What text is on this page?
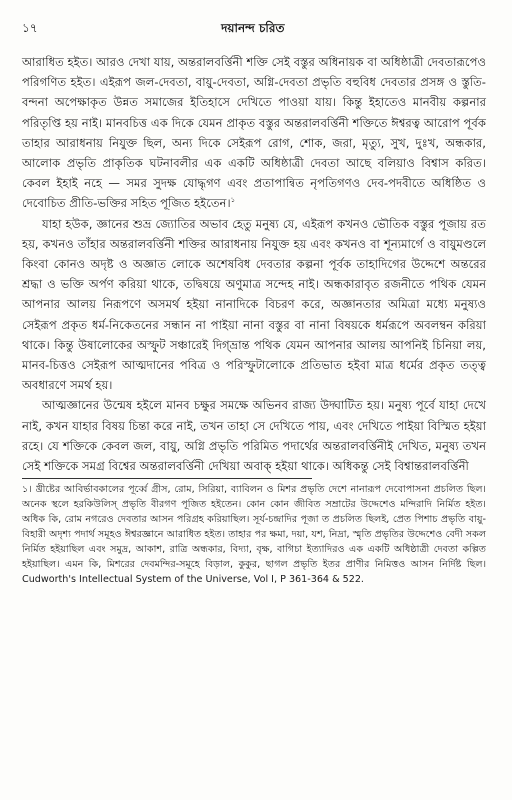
১৭	দয়ানন্দ চরিত

আরাধিত হইত। আরও দেখা যায়, অন্তরালবর্ত্তিনী শক্তি সেই বস্তুর অধিনায়ক বা অধিষ্ঠাত্রী দেবতারূপেও পরিগণিত হইত। এইরূপ জল-দেবতা, বায়ু-দেবতা, অগ্নি-দেবতা প্রভৃতি বহুবিধ দেবতার প্রসঙ্গ ও স্তুতি-বন্দনা অপেক্ষাকৃত উন্নত সমাজের ইতিহাসে দেখিতে পাওয়া যায়। কিন্তু ইহাতেও মানবীয় কল্পনার পরিতৃপ্তি হয় নাই। মানবচিত্ত এক দিকে যেমন প্রাকৃত বস্তুর অন্তরালবর্ত্তিনী শক্তিতে ঈশ্বরত্ব আরোপ পূর্বক তাহার আরাধনায় নিযুক্ত ছিল, অন্য দিকে সেইরূপ রোগ, শোক, জরা, মৃত্যু, সুখ, দুঃখ, অন্ধকার, আলোক প্রভৃতি প্রাকৃতিক ঘটনাবলীর এক একটি অধিষ্ঠাত্রী দেবতা আছে বলিয়াও বিশ্বাস করিত। কেবল ইহাই নহে — সমর সুদক্ষ যোদ্ধৃগণ এবং প্রতাপান্বিত নৃপতিগণও দেব-পদবীতে অধিষ্ঠিত ও দেবোচিত প্রীতি-ভক্তির সহিত পূজিত হইতেন।$^১$

যাহা হউক, জ্ঞানের শুভ্র জ্যোতির অভাব হেতু মনুষ্য যে, এইরূপ কখনও ভৌতিক বস্তুর পূজায় রত হয়, কখনও তাঁহার অন্তরালবর্ত্তিনী শক্তির আরাধনায় নিযুক্ত হয় এবং কখনও বা শূন্যমার্গে ও বায়ুমণ্ডলে কিংবা কোনও অদৃষ্ট ও অজ্ঞাত লোকে অশেষবিধ দেবতার কল্পনা পূর্বক তাহাদিগের উদ্দেশে অন্তরের শ্রদ্ধা ও ভক্তি অর্পণ করিয়া থাকে, তদ্বিষয়ে অণুমাত্র সন্দেহ নাই। অন্ধকারাবৃত রজনীতে পথিক যেমন আপনার আলয় নিরূপণে অসমর্থ হইয়া নানাদিকে বিচরণ করে, অজ্ঞানতার অমিত্রা মধ্যে মনুষ্যও সেইরূপ প্রকৃত ধর্ম-নিকেতনের সন্ধান না পাইয়া নানা বস্তুর বা নানা বিষয়কে ধর্মরূপে অবলম্বন করিয়া থাকে। কিন্তু উষালোকের অস্ফুট সঞ্চারেই দিগ্‌ভ্রান্ত পথিক যেমন আপনার আলয় আপনিই চিনিয়া লয়, মানব-চিত্তও সেইরূপ আত্মদানের পবিত্র ও পরিস্ফুটালোকে প্রতিভাত হইবা মাত্র ধর্মের প্রকৃত তত্ত্ব অবধারণে সমর্থ হয়।

আত্মজ্ঞানের উন্মেষ হইলে মানব চক্ষুর সমক্ষে অভিনব রাজ্য উদ্ঘাটিত হয়। মনুষ্য পূর্বে যাহা দেখে নাই, কখন যাহার বিষয় চিন্তা করে নাই, তখন তাহা সে দেখিতে পায়, এবং দেখিতে পাইয়া বিস্মিত হইয়া রহে। যে শক্তিকে কেবল জল, বায়ু, অগ্নি প্রভৃতি পরিমিত পদার্থের অন্তরালবর্ত্তিনীই দেখিত, মনুষ্য তখন সেই শক্তিকে সমগ্র বিশ্বের অন্তরালবর্ত্তিনী দেখিয়া অবাক্ হইয়া থাকে। অধিকন্তু সেই বিশ্বান্তরালবর্ত্তিনী

১। খ্রীষ্টের আবির্ভাবকালের পূর্ব্বে গ্রীস, রোম, সিরিয়া, ব্যাবিলন ও মিশর প্রভৃতি দেশে নানারূপ দেবোপাসনা প্রচলিত ছিল। অনেক স্থলে হরকিউলিস্ প্রভৃতি বীরগণ পূজিত হইতেন। কোন কোন জীবিত সম্রাটের উদ্দেশেও মন্দিরাদি নির্মিত হইত। অধিক কি, রোম নগরেও দেবতার আসন পরিগ্রহ করিয়াছিল। সূর্য-চন্দ্রাদির পূজা ত প্রচলিত ছিলই, প্রেত পিশাচ প্রভৃতি বায়ু-বিহারী অদৃশ্য পদার্থ সমূহও ঈশ্বরজ্ঞানে আরাধিত হইত। তাহার পর ক্ষমা, দয়া, যশ, নিদ্রা, স্মৃতি প্রভৃতির উদ্দেশেও বেদী সকল নির্মিত হইয়াছিল এবং সমুদ্র, আকাশ, রাত্রি অন্ধকার, বিদ্যা, বৃক্ষ, বাগিচা ইত্যাদিরও এক একটি অধিষ্ঠাত্রী দেবতা কল্পিত হইয়াছিল। এমন কি, মিশরের দেবমন্দির-সমূহে বিড়াল, কুকুর, ছাগল প্রভৃতি ইতর প্রাণীর নিমিত্তও আসন নির্দিষ্ট ছিল। Cudworth's Intellectual System of the Universe, Vol I, P 361-364 & 522.
